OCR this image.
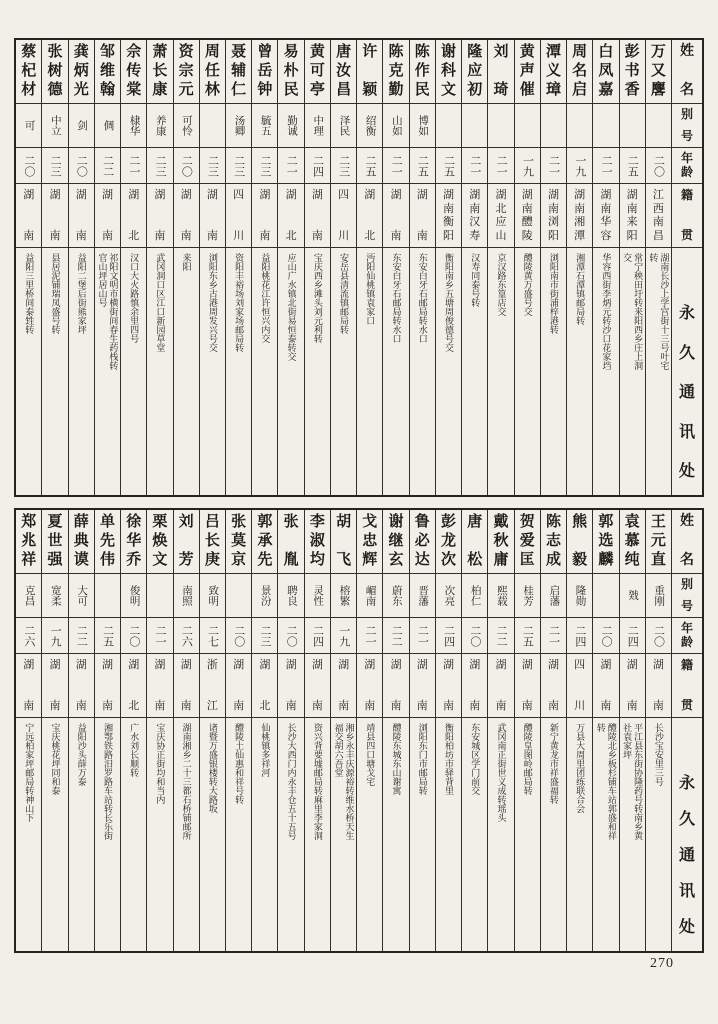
姓
名
别
号
年
龄
籍
贯
永
久
通
讯
处
万
又
麐
二〇
江
西
南
昌
湖南长沙上学宫街十三号叶宅转
彭
书
香
二五
湖
南
来
阳
常宁秧田圩转来阳西乡庄上洞交
白
凤
嘉
二一
湖
南
华
容
华容西街李炳元转沙口花家垱
周
名
启
一九
湖
南
湘
潭
湘潭石潭镇邮局转
潭
义
璋
二一
湖
南
浏
阳
浏阳南市街浦梓港转
黄
声
催
一九
湖
南
醴
陵
醴陵黄万盛号交
刘
琦
二一
湖
北
应
山
京汉路东篁店交
隆
应
初
二一
湖
南
汉
寿
汉寿同泰号转
谢
科
文
二五
湖
南
衡
阳
衡阳南乡五塘周俊德号交
陈
作
民
博如
二五
湖
南
东安白牙石邮局转水口
陈
克
勤
山如
二一
湖
南
东安白牙石邮局转水口
许
颖
绍衡
二五
湖
北
沔阳仙桃镇袁家口
唐
汝
昌
泽民
二三
四
川
安岳县清流镇邮局转
黄
可
亭
中理
二四
湖
南
宝庆西乡滩头刘元利转
易
朴
民
勤诚
二一
湖
北
应山广水镇北街易恒泰转交
曾
岳
钟
毓五
二三
湖
南
益阳桃花江许恒兴内交
聂
辅
仁
汤卿
二三
四
川
资阳丰裕场刘家场邮局转
周
任
林
二三
湖
南
浏阳东乡古港周发兴号交
资
宗
元
可怜
二〇
湖
南
来阳
萧
长
康
养康
二三
湖
南
武冈洞口区江口新园草堂
佘
传
棠
棣华
二一
湖
北
汉口大火路慎余里四号
邹
维
翰
倜
二二
湖
南
祁阳文明市横街间春生药栈转官山坪居山号
龚
炳
光
剑
二〇
湖
南
益阳二堡后街熊家坪
张
树
德
中立
二三
湖
南
县居泥铺瑞凤盛号转
蔡
杞
材
可
二〇
湖
南
益阳三里桥间泰甡转
姓
名
别
号
年
龄
籍
贯
永
久
通
讯
处
王
元
直
重刚
二〇
湖
南
长沙宝安里三号
袁
慕
纯
戣
二四
湖
南
平江县东街协隆药号转南乡黄社袁家坪
郭
选
麟
二〇
湖
南
醴陵北乡板杉铺车站郭盛和祥转
熊
毅
隆勋
二四
四
川
万县大周里团练联合会
陈
志
成
启藩
二一
湖
南
新宁黄龙市祥盛福转
贺
爱
匡
桂芳
二五
湖
南
醴陵皇图岭邮局转
戴
秋
庸
熙载
二二
湖
南
武冈南正街世义成转瑶头
唐
松
柏仁
二〇
湖
南
东安城区学门前交
彭
龙
次
次亮
二四
湖
南
衡阳柏坊市驿背里
鲁
必
达
晋藩
二一
湖
南
浏阳东门市邮局转
谢
继
玄
蔚东
二二
湖
南
醴陵东城东山谢寓
戈
忠
辉
嵋南
二一
湖
南
靖县四口塘戈宅
胡
飞
榕繁
一九
湖
南
湘乡永丰庆源裕转维水桥天生福交胡六吾堂
李
淑
均
灵性
二四
湖
南
资兴背要墟邮局转麻里李家洞
张
胤
聘良
二〇
湖
南
长沙大西门内永丰仓五十五号
郭
承
先
景汾
二三
湖
北
仙桃镇多祥河
张
莫
京
二〇
湖
南
醴陵土仙惠和祥号转
吕
长
庚
致明
二七
浙
江
诸暨万盛银楼转大路坂
刘
芳
南照
二六
湖
南
湖南湘乡二十三都石桥铺邮所
栗
焕
文
二一
湖
南
宝庆协正街均和当内
徐
华
乔
俊明
二〇
湖
北
广水刘长顺转
单
先
伟
二五
湖
南
湘鄂铁路汨罗路车站转长乐街
薛
典
谟
大可
二二
湖
南
益阳沙头薛万泰
夏
世
强
宽柔
一九
湖
南
宝庆桃花坪同和泰
郑
兆
祥
克昌
二六
湖
南
宁远柏家坪邮局转神山下
270
